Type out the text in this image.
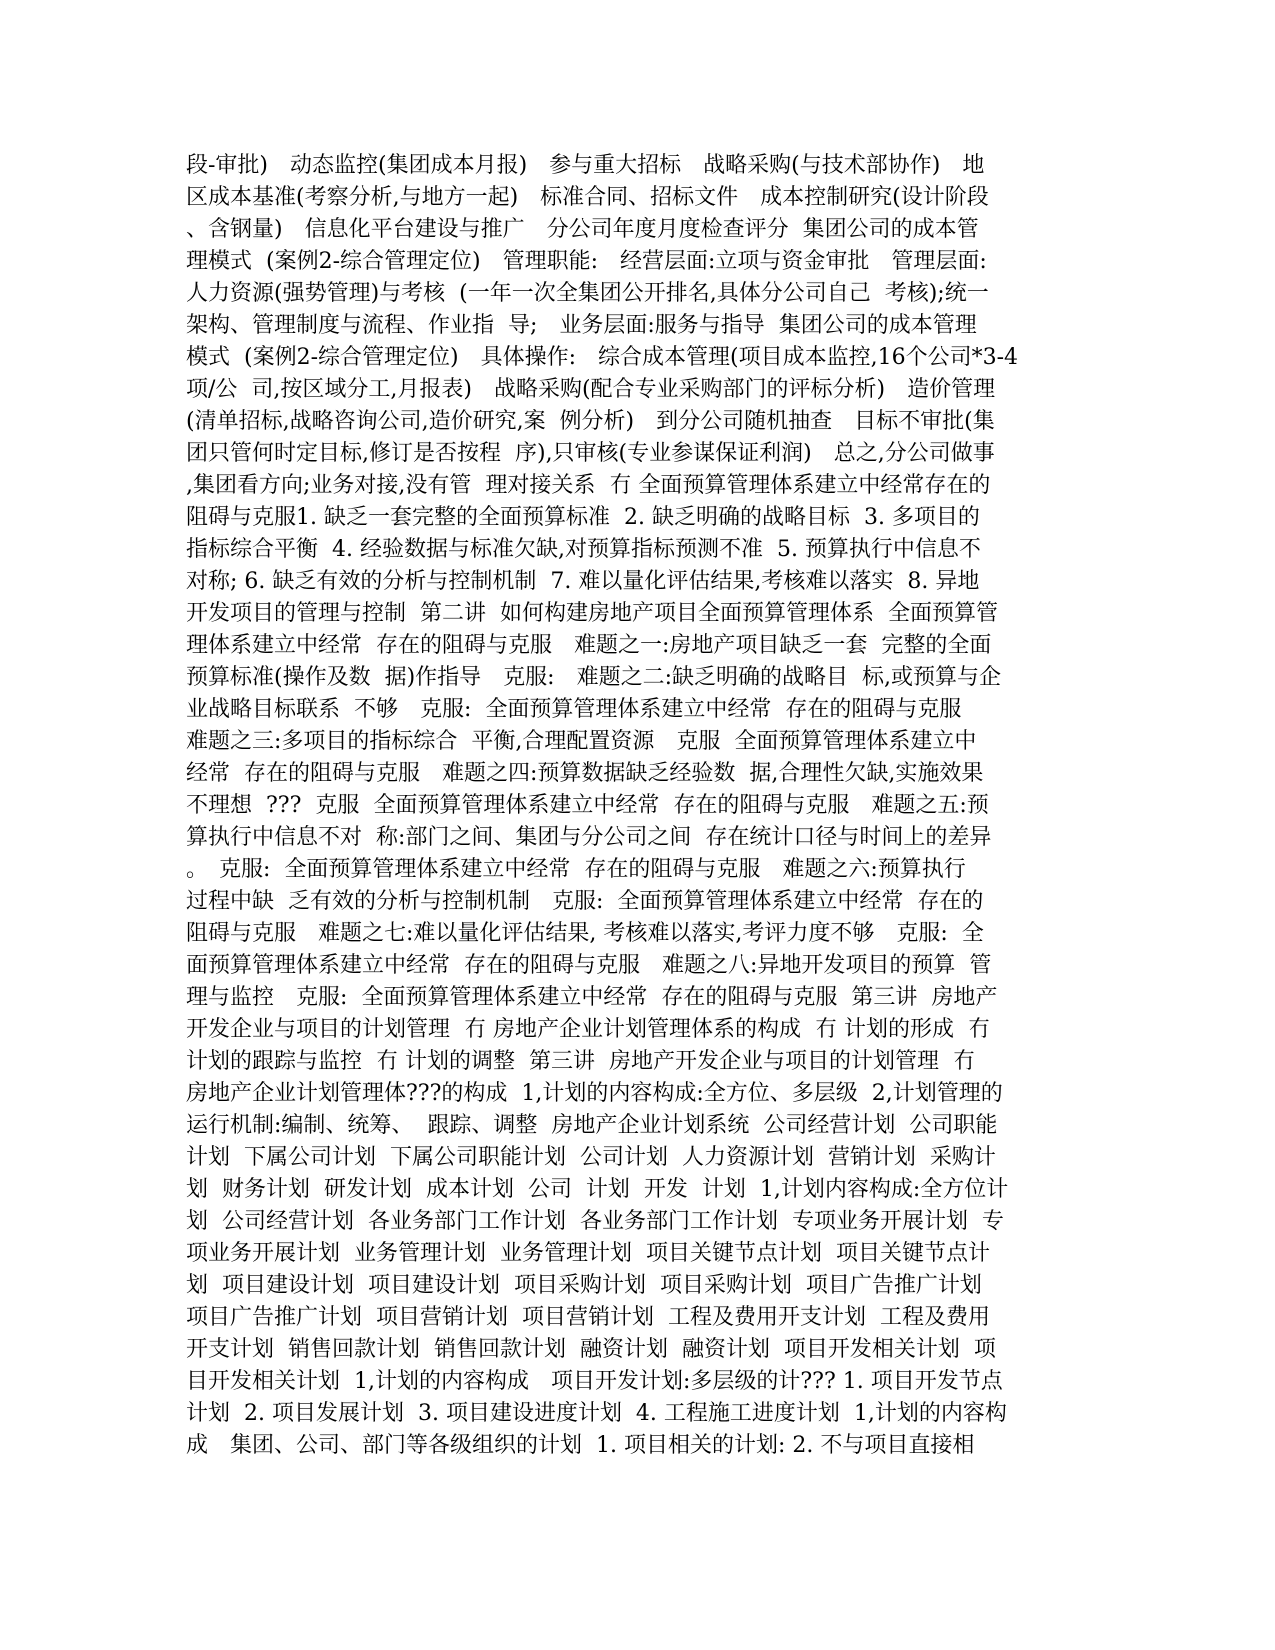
段-审批)　动态监控(集团成本月报)　参与重大招标　战略采购(与技术部协作)　地
区成本基准(考察分析,与地方一起)　标准合同、招标文件　成本控制研究(设计阶段
、含钢量)　信息化平台建设与推广　分公司年度月度检查评分  集团公司的成本管
理模式  (案例2-综合管理定位)　管理职能:　经营层面:立项与资金审批　管理层面:
人力资源(强势管理)与考核  (一年一次全集团公开排名,具体分公司自己  考核);统一
架构、管理制度与流程、作业指  导;　业务层面:服务与指导  集团公司的成本管理
模式  (案例2-综合管理定位)　具体操作:　综合成本管理(项目成本监控,16个公司*3-4
项/公  司,按区域分工,月报表)　战略采购(配合专业采购部门的评标分析)　造价管理
(清单招标,战略咨询公司,造价研究,案  例分析)　到分公司随机抽查　目标不审批(集
团只管何时定目标,修订是否按程  序),只审核(专业参谋保证利润)　总之,分公司做事
,集团看方向;业务对接,没有管  理对接关系  冇 全面预算管理体系建立中经常存在的
阻碍与克服1. 缺乏一套完整的全面预算标准  2. 缺乏明确的战略目标  3. 多项目的
指标综合平衡  4. 经验数据与标准欠缺,对预算指标预测不准  5. 预算执行中信息不
对称; 6. 缺乏有效的分析与控制机制  7. 难以量化评估结果,考核难以落实  8. 异地
开发项目的管理与控制  第二讲  如何构建房地产项目全面预算管理体系  全面预算管
理体系建立中经常  存在的阻碍与克服　难题之一:房地产项目缺乏一套  完整的全面
预算标准(操作及数  据)作指导　克服:　难题之二:缺乏明确的战略目  标,或预算与企
业战略目标联系  不够　克服:  全面预算管理体系建立中经常  存在的阻碍与克服
难题之三:多项目的指标综合  平衡,合理配置资源　克服  全面预算管理体系建立中
经常  存在的阻碍与克服　难题之四:预算数据缺乏经验数  据,合理性欠缺,实施效果
不理想  ???  克服  全面预算管理体系建立中经常  存在的阻碍与克服　难题之五:预
算执行中信息不对  称:部门之间、集团与分公司之间  存在统计口径与时间上的差异
。　克服:  全面预算管理体系建立中经常  存在的阻碍与克服　难题之六:预算执行
过程中缺  乏有效的分析与控制机制　克服:  全面预算管理体系建立中经常  存在的
阻碍与克服　难题之七:难以量化评估结果, 考核难以落实,考评力度不够　克服:  全
面预算管理体系建立中经常  存在的阻碍与克服　难题之八:异地开发项目的预算  管
理与监控　克服:  全面预算管理体系建立中经常  存在的阻碍与克服  第三讲  房地产
开发企业与项目的计划管理  冇 房地产企业计划管理体系的构成  冇 计划的形成  冇
计划的跟踪与监控  冇 计划的调整  第三讲  房地产开发企业与项目的计划管理  冇
房地产企业计划管理体???的构成  1,计划的内容构成:全方位、多层级  2,计划管理的
运行机制:编制、统筹、  跟踪、调整  房地产企业计划系统  公司经营计划  公司职能
计划  下属公司计划  下属公司职能计划  公司计划  人力资源计划  营销计划  采购计
划  财务计划  研发计划  成本计划  公司  计划  开发  计划  1,计划内容构成:全方位计
划  公司经营计划  各业务部门工作计划  各业务部门工作计划  专项业务开展计划  专
项业务开展计划  业务管理计划  业务管理计划  项目关键节点计划  项目关键节点计
划  项目建设计划  项目建设计划  项目采购计划  项目采购计划  项目广告推广计划
项目广告推广计划  项目营销计划  项目营销计划  工程及费用开支计划  工程及费用
开支计划  销售回款计划  销售回款计划  融资计划  融资计划  项目开发相关计划  项
目开发相关计划  1,计划的内容构成　项目开发计划:多层级的计??? 1. 项目开发节点
计划  2. 项目发展计划  3. 项目建设进度计划  4. 工程施工进度计划  1,计划的内容构
成　集团、公司、部门等各级组织的计划  1. 项目相关的计划: 2. 不与项目直接相
